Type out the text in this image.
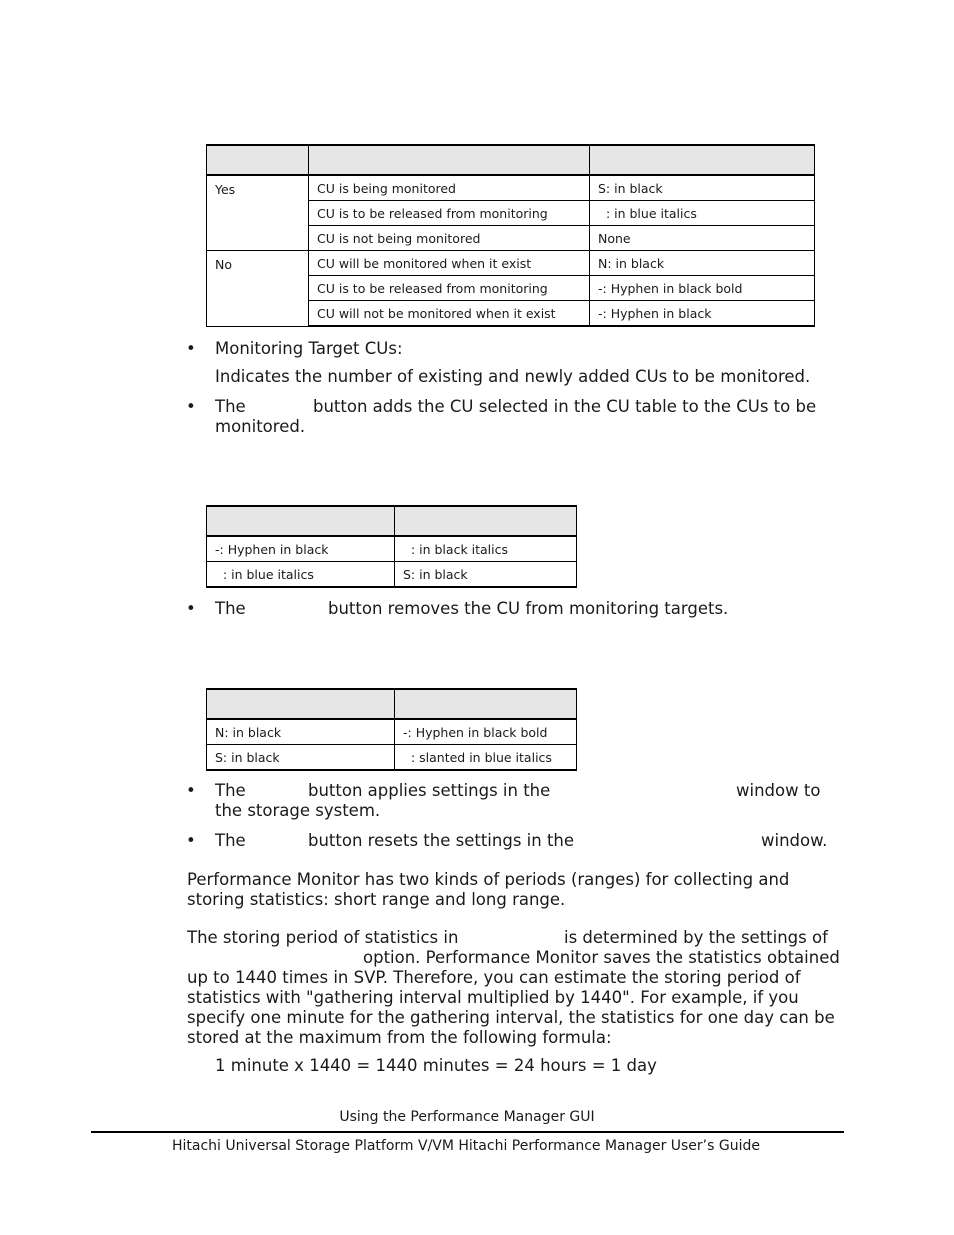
Yes	CU is being monitored	S: in black
	CU is to be released from monitoring	: in blue italics
	CU is not being monitored	None
No	CU will be monitored when it exist	N: in black
	CU is to be released from monitoring	-: Hyphen in black bold
	CU will not be monitored when it exist	-: Hyphen in black
• Monitoring Target CUs:
Indicates the number of existing and newly added CUs to be monitored.
• The	button adds the CU selected in the CU table to the CUs to be
monitored.

-: Hyphen in black	: in black italics
: in blue italics	S: in black
• The	button removes the CU from monitoring targets.

N: in black	-: Hyphen in black bold
S: in black	: slanted in blue italics
• The	button applies settings in the	window to
the storage system.
• The	button resets the settings in the	window.
Performance Monitor has two kinds of periods (ranges) for collecting and
storing statistics: short range and long range.
The storing period of statistics in	is determined by the settings of
option. Performance Monitor saves the statistics obtained
up to 1440 times in SVP. Therefore, you can estimate the storing period of
statistics with "gathering interval multiplied by 1440". For example, if you
specify one minute for the gathering interval, the statistics for one day can be
stored at the maximum from the following formula:
1 minute x 1440 = 1440 minutes = 24 hours = 1 day
Using the Performance Manager GUI
Hitachi Universal Storage Platform V/VM Hitachi Performance Manager User’s Guide
